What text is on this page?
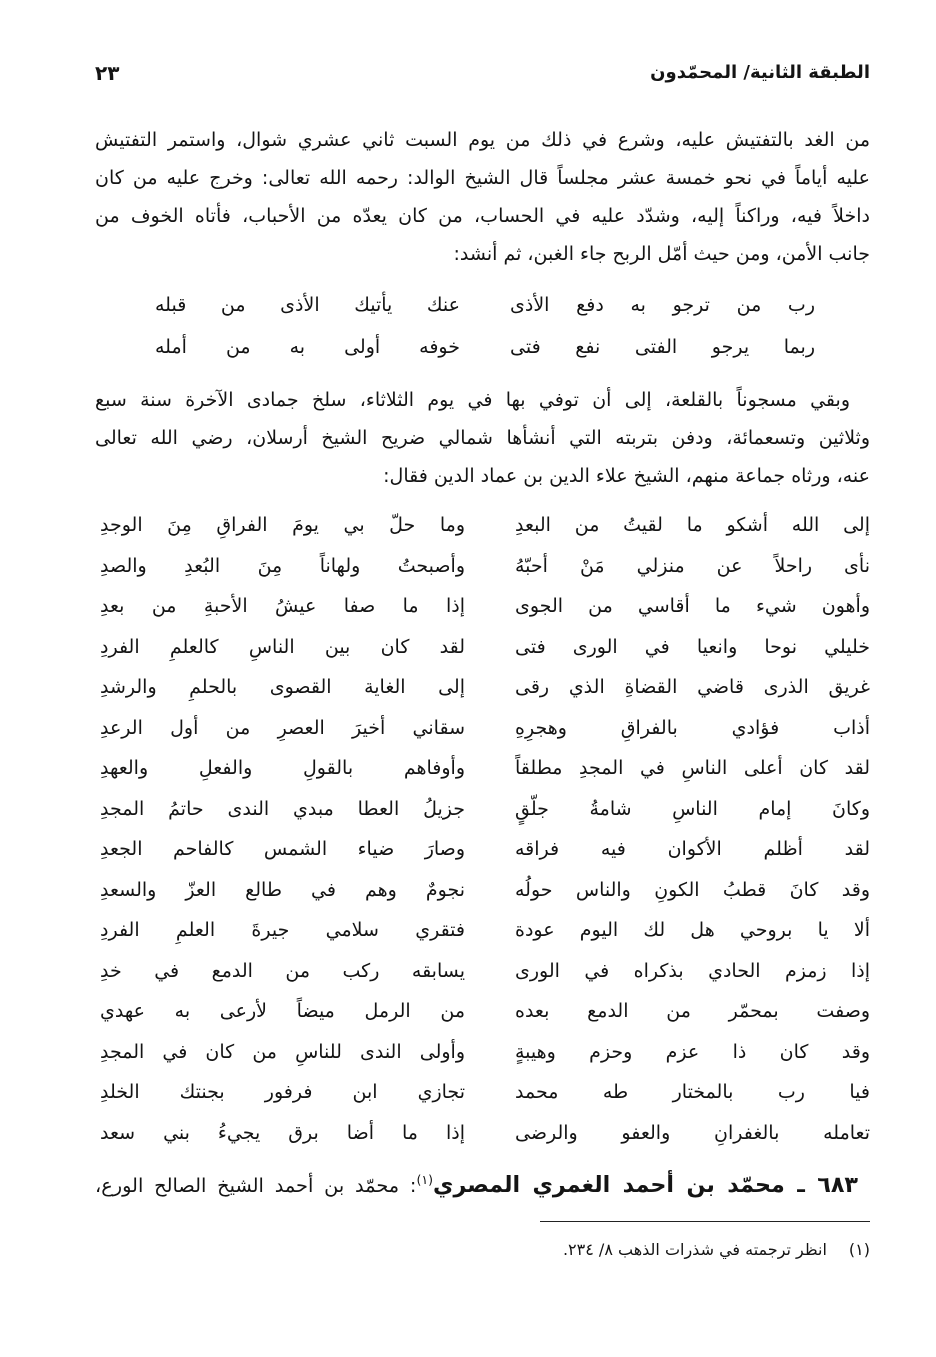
الطبقة الثانية/ المحمّدون
٢٣
من الغد بالتفتيش عليه، وشرع في ذلك من يوم السبت ثاني عشري شوال، واستمر التفتيش
عليه أياماً في نحو خمسة عشر مجلساً قال الشيخ الوالد: رحمه الله تعالى: وخرج عليه من كان
داخلاً فيه، وراكناً إليه، وشدّد عليه في الحساب، من كان يعدّه من الأحباب، فأتاه الخوف من
جانب الأمن، ومن حيث أمّل الربح جاء الغبن، ثم أنشد:
رب من ترجو به دفع الأذى
عنك يأتيك الأذى من قبله
ربما يرجو الفتى نفع فتى
خوفه أولى به من أمله
وبقي مسجوناً بالقلعة، إلى أن توفي بها في يوم الثلاثاء، سلخ جمادى الآخرة سنة سبع
وثلاثين وتسعمائة، ودفن بتربته التي أنشأها شمالي ضريح الشيخ أرسلان، رضي الله تعالى
عنه، ورثاه جماعة منهم، الشيخ علاء الدين بن عماد الدين فقال:
إلى الله أشكو ما لقيتُ من البعدِ
وما حلّ بي يومَ الفراقِ مِنَ الوجدِ
نأى راحلاً عن منزلي مَنْ أحبّهُ
وأصبحتُ ولهاناً مِنَ البُعدِ والصدِ
وأهون شيء ما أقاسي من الجوى
إذا ما صفا عيشُ الأحبةِ من بعدِ
خليلي نوحا وانعيا في الورى فتى
لقد كان بين الناسِ كالعلمِ الفردِ
غريق الذرى قاضي القضاةِ الذي رقى
إلى الغاية القصوى بالحلمِ والرشدِ
أذاب فؤادي بالفراقِ وهجرِهِ
سقاني أخيرَ العصرِ من أول الرعدِ
لقد كان أعلى الناسِ في المجدِ مطلقاً
وأوفاهم بالقولِ والفعلِ والعهدِ
وكانَ إمام الناسِ شامةُ جلّقٍ
جزيلُ العطا مبدي الندى حاتمُ المجدِ
لقد أظلم الأكوان فيه فراقه
وصارَ ضياء الشمس كالفاحم الجعدِ
وقد كانَ قطبُ الكونِ والناس حولُه
نجومٌ وهم في طالع العزّ والسعدِ
ألا يا بروحي هل لك اليوم عودة
فتقري سلامي جيرةَ العلمِ الفردِ
إذا زمزم الحادي بذكراه في الورى
يسابقه ركب من الدمع في خدِ
وصفت بمحمّر من الدمع بعده
من الرمل ميضاً لأرعى به عهدي
وقد كان ذا عزم وحزم وهيبةٍ
وأولى الندى للناسِ من كان في المجدِ
فيا رب بالمختار طه محمد
تجازي ابن فرفور بجنتك الخلدِ
تعامله بالغفرانِ والعفو والرضى
إذا ما أضا برق يجيءُ بني سعد
٦٨٣ ـ محمّد بن أحمد الغمري المصري$^{(١)}$: محمّد بن أحمد الشيخ الصالح الورع،
(١)انظر ترجمته في شذرات الذهب ٨/ ٢٣٤.
